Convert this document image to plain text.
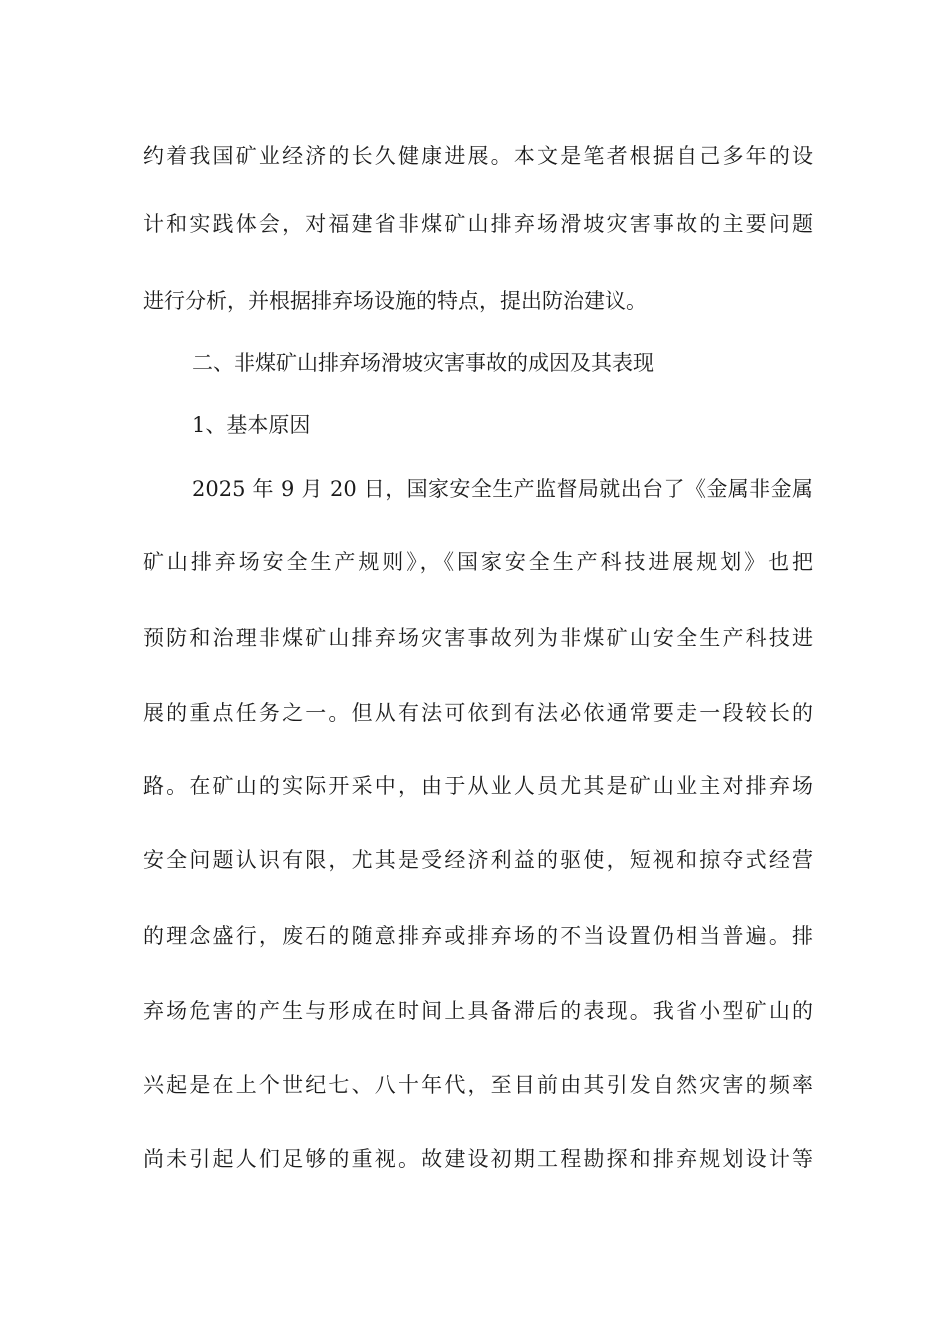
约着我国矿业经济的长久健康进展。本文是笔者根据自己多年的设
计和实践体会，对福建省非煤矿山排弃场滑坡灾害事故的主要问题
进行分析，并根据排弃场设施的特点，提出防治建议。
二、非煤矿山排弃场滑坡灾害事故的成因及其表现
1、基本原因
2025 年 9 月 20 日，国家安全生产监督局就出台了《金属非金属
矿山排弃场安全生产规则》，《国家安全生产科技进展规划》也把
预防和治理非煤矿山排弃场灾害事故列为非煤矿山安全生产科技进
展的重点任务之一。但从有法可依到有法必依通常要走一段较长的
路。在矿山的实际开采中，由于从业人员尤其是矿山业主对排弃场
安全问题认识有限，尤其是受经济利益的驱使，短视和掠夺式经营
的理念盛行，废石的随意排弃或排弃场的不当设置仍相当普遍。排
弃场危害的产生与形成在时间上具备滞后的表现。我省小型矿山的
兴起是在上个世纪七、八十年代，至目前由其引发自然灾害的频率
尚未引起人们足够的重视。故建设初期工程勘探和排弃规划设计等
